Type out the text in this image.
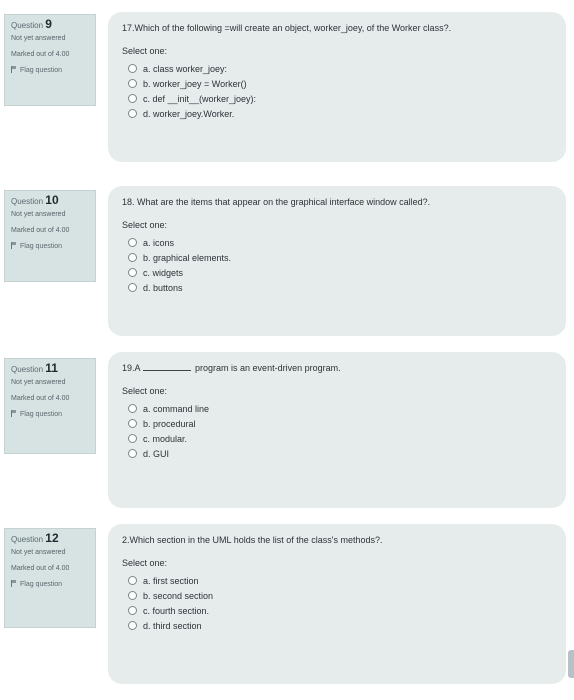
Question 9
Not yet answered
Marked out of 4.00
Flag question
17.Which of the following =will create an object, worker_joey, of the Worker class?.
Select one:
a. class worker_joey:
b. worker_joey = Worker()
c. def __init__(worker_joey):
d. worker_joey.Worker.
Question 10
Not yet answered
Marked out of 4.00
Flag question
18. What are the items that appear on the graphical interface window called?.
Select one:
a. icons
b. graphical elements.
c. widgets
d. buttons
Question 11
Not yet answered
Marked out of 4.00
Flag question
19.A	program is an event-driven program.
Select one:
a. command line
b. procedural
c. modular.
d. GUI
Question 12
Not yet answered
Marked out of 4.00
Flag question
2.Which section in the UML holds the list of the class's methods?.
Select one:
a. first section
b. second section
c. fourth section.
d. third section
